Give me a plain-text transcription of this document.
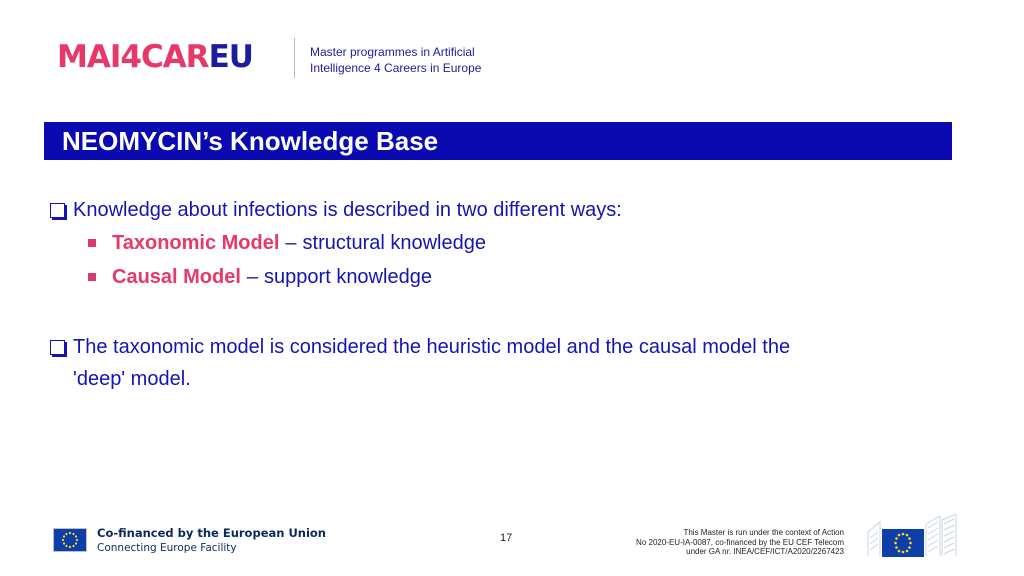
MAI4CAR EU	Master programmes in Artificial
Intelligence 4 Careers in Europe
NEOMYCIN’s Knowledge Base
Knowledge about infections is described in two different ways:
Taxonomic Model – structural knowledge
Causal Model – support knowledge
The taxonomic model is considered the heuristic model and the causal model the
'deep' model.
Co-financed by the European Union
Connecting Europe Facility
17	This Master is run under the context of Action
No 2020-EU-IA-0087, co-financed by the EU CEF Telecom
under GA nr. INEA/CEF/ICT/A2020/2267423
